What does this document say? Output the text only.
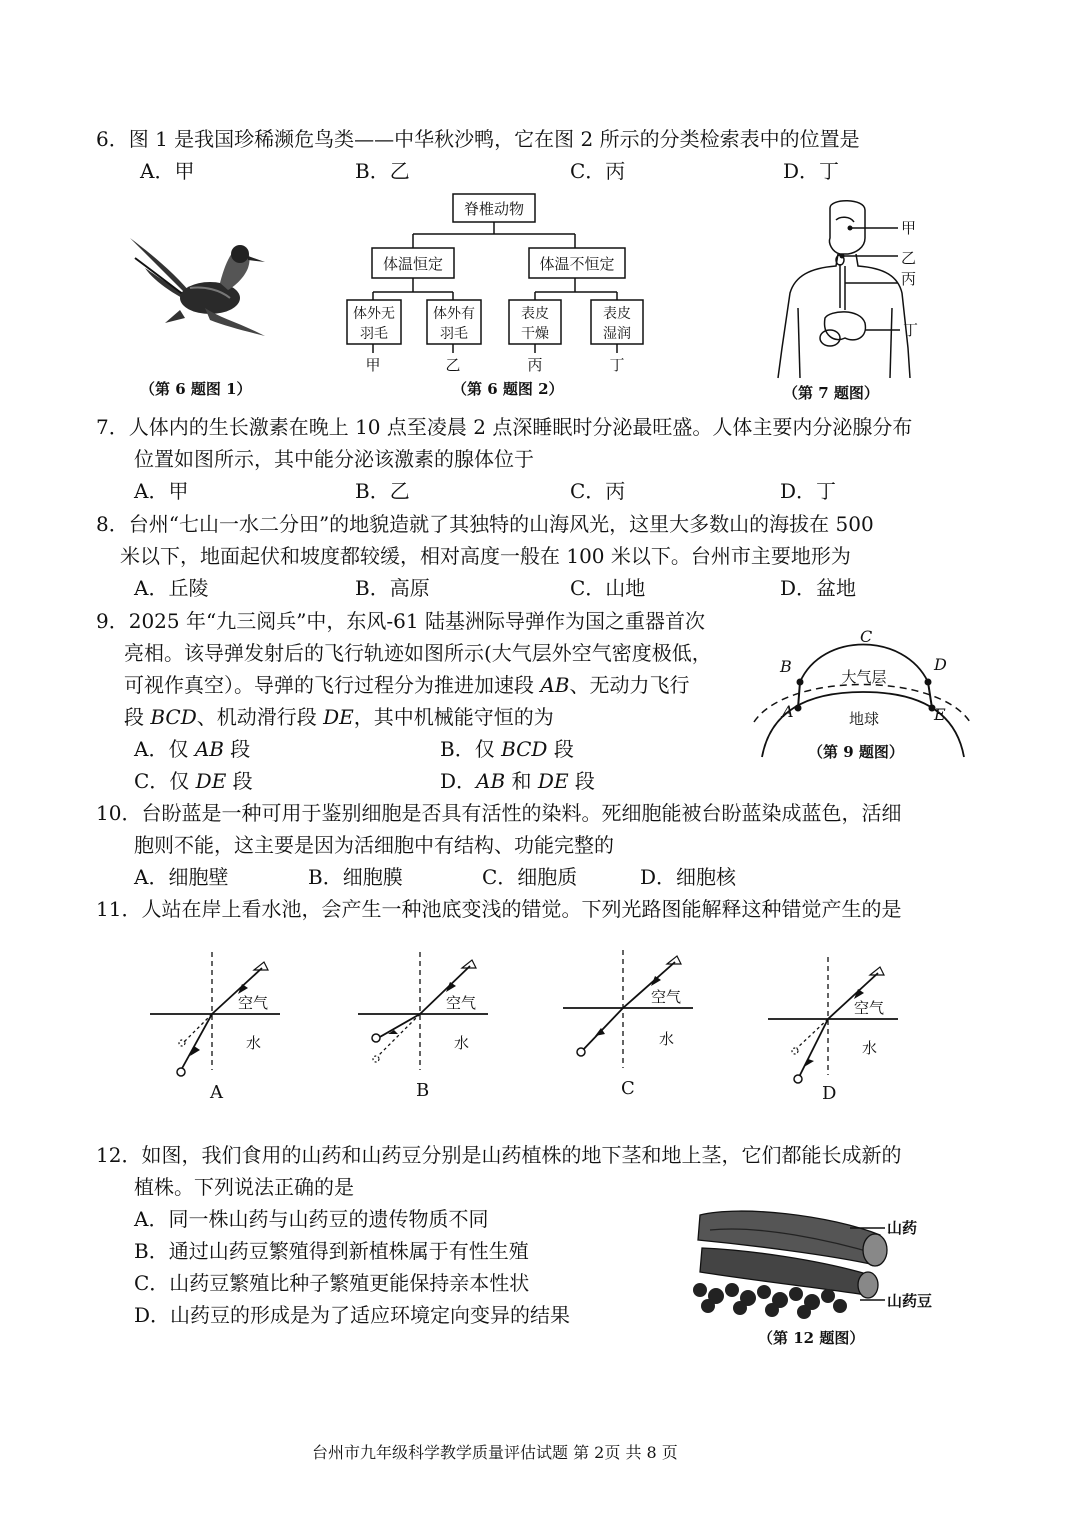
6．图 1 是我国珍稀濒危鸟类——中华秋沙鸭，它在图 2 所示的分类检索表中的位置是
A．甲	B．乙	C．丙	D．丁
（第 6 题图 1）
脊椎动物
体温恒定	体温不恒定
体外无
羽毛
体外有
羽毛
表皮
干燥
表皮
湿润
甲	乙	丙	丁
（第 6 题图 2）
甲
乙
丙
丁
（第 7 题图）
7．人体内的生长激素在晚上 10 点至凌晨 2 点深睡眠时分泌最旺盛。人体主要内分泌腺分布
位置如图所示，其中能分泌该激素的腺体位于
A．甲	B．乙	C．丙	D．丁
8．台州“七山一水二分田”的地貌造就了其独特的山海风光，这里大多数山的海拔在 500
米以下，地面起伏和坡度都较缓，相对高度一般在 100 米以下。台州市主要地形为
A．丘陵	B．高原	C．山地	D．盆地
9．2025 年“九三阅兵”中，东风-61 陆基洲际导弹作为国之重器首次
亮相。该导弹发射后的飞行轨迹如图所示(大气层外空气密度极低，
可视作真空）。导弹的飞行过程分为推进加速段 AB、无动力飞行
段 BCD、机动滑行段 DE，其中机械能守恒的为
A．仅 AB 段	B．仅 BCD 段
C．仅 DE 段	D．AB 和 DE 段
A
B
C
D
E
大气层
地球
（第 9 题图）
10．台盼蓝是一种可用于鉴别细胞是否具有活性的染料。死细胞能被台盼蓝染成蓝色，活细
胞则不能，这主要是因为活细胞中有结构、功能完整的
A．细胞壁	B．细胞膜	C．细胞质	D．细胞核
11．人站在岸上看水池，会产生一种池底变浅的错觉。下列光路图能解释这种错觉产生的是
空气
水
A
空气
水
B
空气
水
C
空气
水
D
12．如图，我们食用的山药和山药豆分别是山药植株的地下茎和地上茎，它们都能长成新的
植株。下列说法正确的是
A．同一株山药与山药豆的遗传物质不同
B．通过山药豆繁殖得到新植株属于有性生殖
C．山药豆繁殖比种子繁殖更能保持亲本性状
D．山药豆的形成是为了适应环境定向变异的结果
山药
山药豆
（第 12 题图）
台州市九年级科学教学质量评估试题 第 2页 共 8 页
